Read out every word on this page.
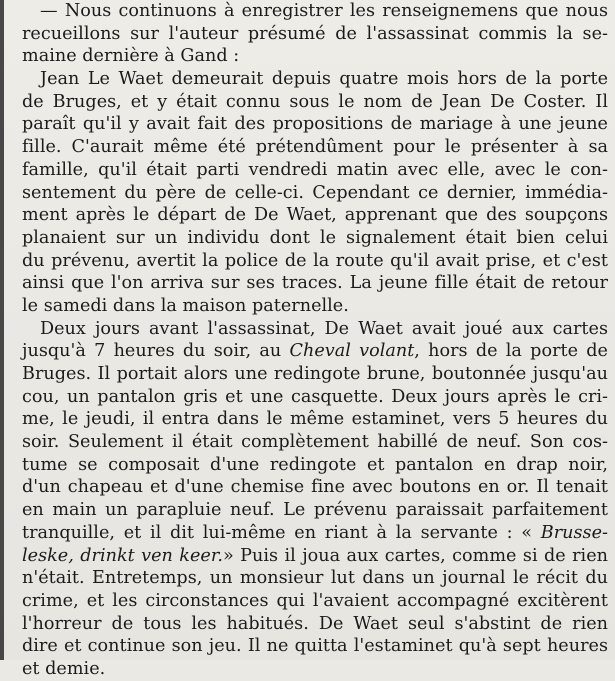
— Nous continuons à enregistrer les renseignemens que nous
recueillons sur l'auteur présumé de l'assassinat commis la se-
maine dernière à Gand :
Jean Le Waet demeurait depuis quatre mois hors de la porte
de Bruges, et y était connu sous le nom de Jean De Coster. Il
paraît qu'il y avait fait des propositions de mariage à une jeune
fille. C'aurait même été prétendûment pour le présenter à sa
famille, qu'il était parti vendredi matin avec elle, avec le con-
sentement du père de celle-ci. Cependant ce dernier, immédia-
ment après le départ de De Waet, apprenant que des soupçons
planaient sur un individu dont le signalement était bien celui
du prévenu, avertit la police de la route qu'il avait prise, et c'est
ainsi que l'on arriva sur ses traces. La jeune fille était de retour
le samedi dans la maison paternelle.
Deux jours avant l'assassinat, De Waet avait joué aux cartes
jusqu'à 7 heures du soir, au Cheval volant, hors de la porte de
Bruges. Il portait alors une redingote brune, boutonnée jusqu'au
cou, un pantalon gris et une casquette. Deux jours après le cri-
me, le jeudi, il entra dans le même estaminet, vers 5 heures du
soir. Seulement il était complètement habillé de neuf. Son cos-
tume se composait d'une redingote et pantalon en drap noir,
d'un chapeau et d'une chemise fine avec boutons en or. Il tenait
en main un parapluie neuf. Le prévenu paraissait parfaitement
tranquille, et il dit lui-même en riant à la servante : « Brusse-
leske, drinkt ven keer.» Puis il joua aux cartes, comme si de rien
n'était. Entretemps, un monsieur lut dans un journal le récit du
crime, et les circonstances qui l'avaient accompagné excitèrent
l'horreur de tous les habitués. De Waet seul s'abstint de rien
dire et continue son jeu. Il ne quitta l'estaminet qu'à sept heures
et demie.
